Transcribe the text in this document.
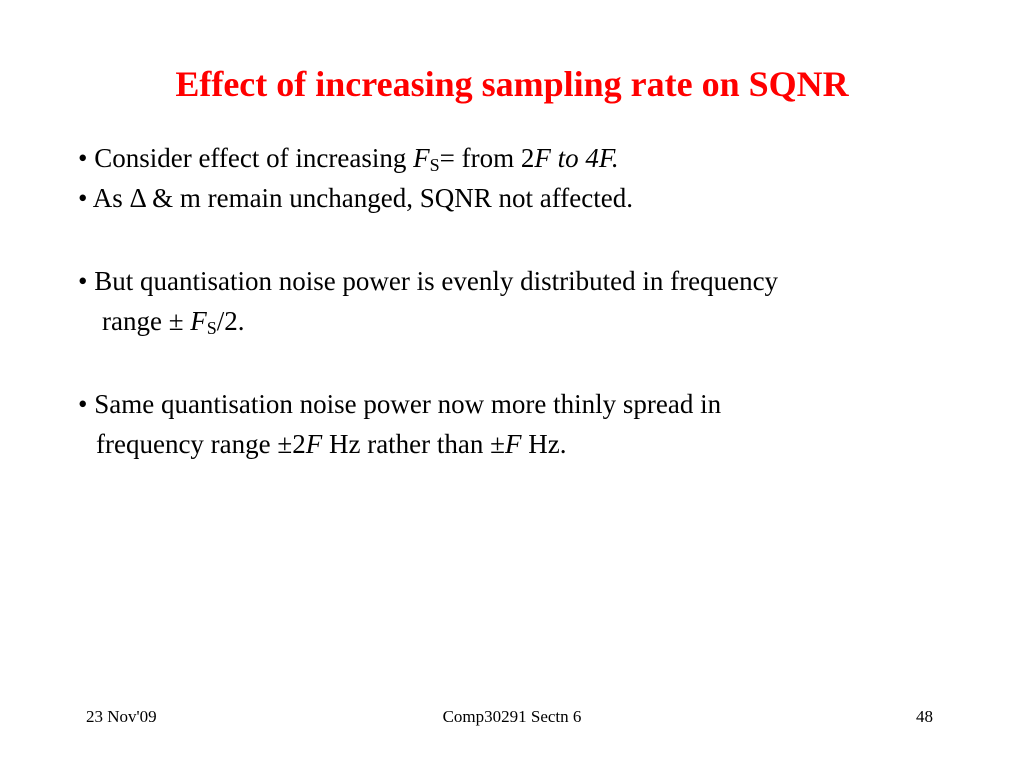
Effect of increasing sampling rate on SQNR
• Consider effect of increasing $F_S=$ from 2F to 4F.
• As Δ & m remain unchanged, SQNR not affected.
• But quantisation noise power is evenly distributed in frequency
range ± $F_S/2$.
• Same quantisation noise power now more thinly spread in
frequency range ±2F Hz rather than ±F Hz.
23 Nov'09	Comp30291 Sectn 6	48
